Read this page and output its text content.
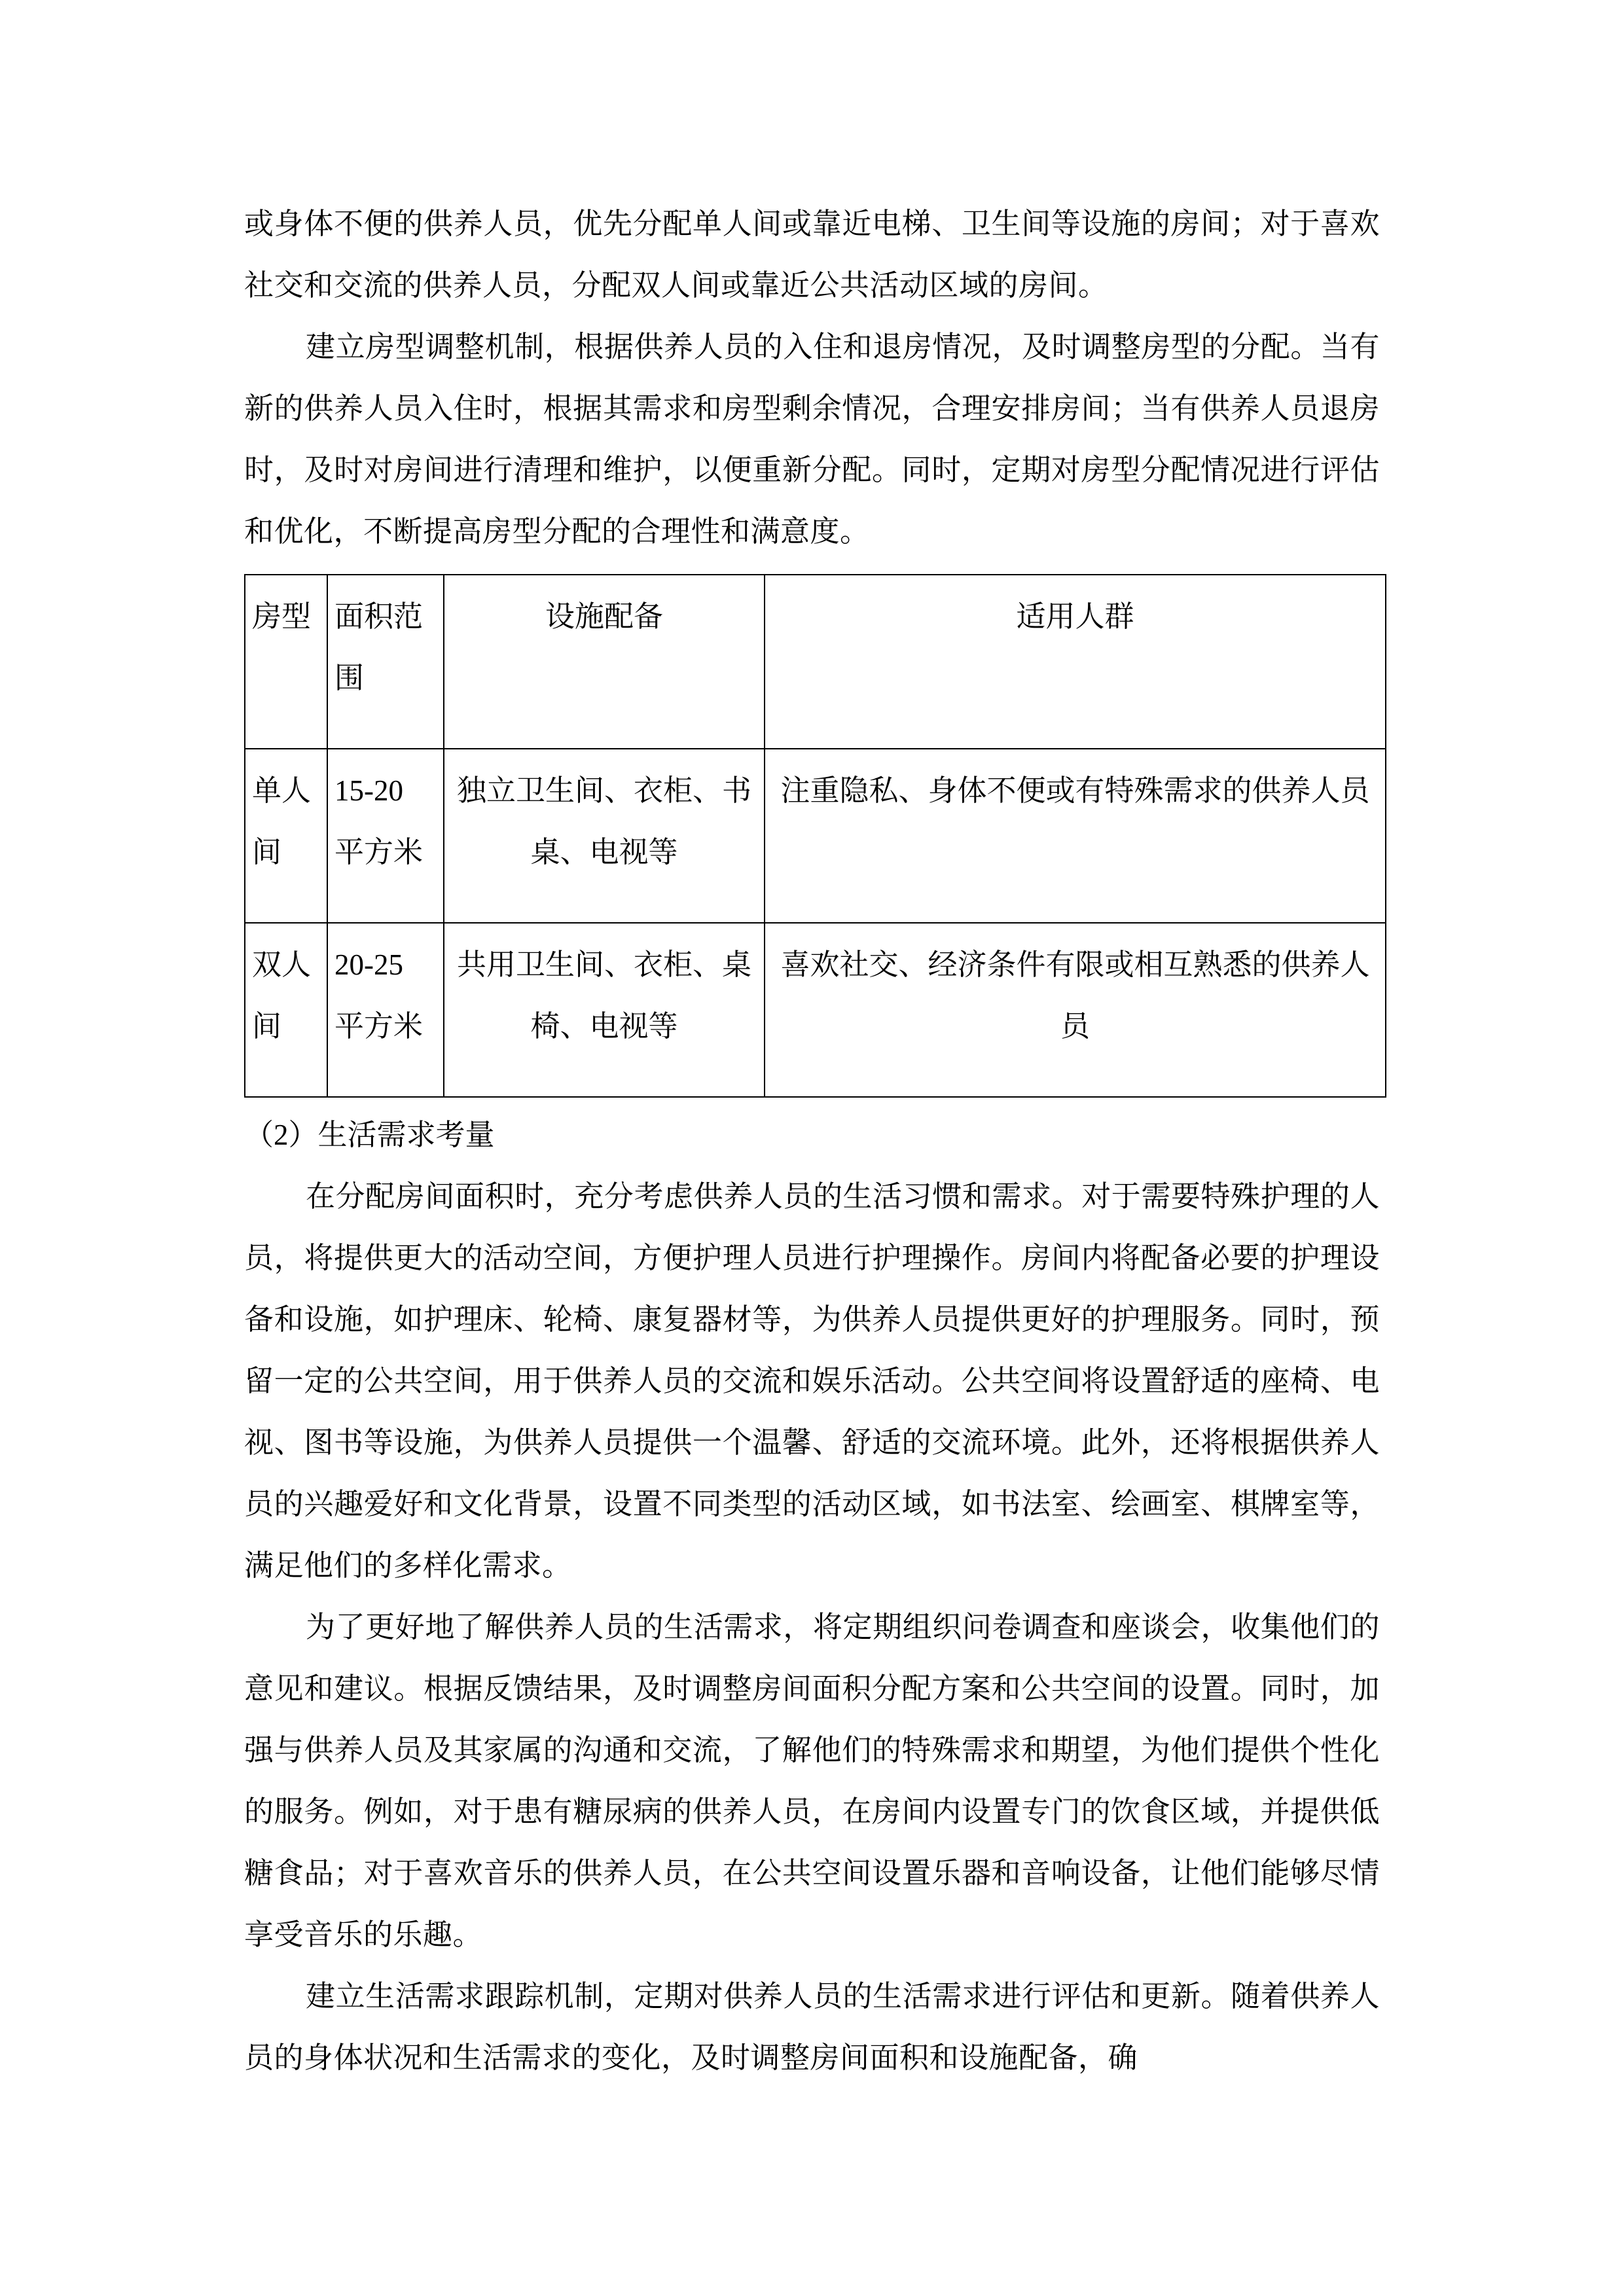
或身体不便的供养人员，优先分配单人间或靠近电梯、卫生间等设施的房间；对于喜欢社交和交流的供养人员，分配双人间或靠近公共活动区域的房间。

建立房型调整机制，根据供养人员的入住和退房情况，及时调整房型的分配。当有新的供养人员入住时，根据其需求和房型剩余情况，合理安排房间；当有供养人员退房时，及时对房间进行清理和维护，以便重新分配。同时，定期对房型分配情况进行评估和优化，不断提高房型分配的合理性和满意度。

房型	面积范围	设施配备	适用人群

单人间	15-20 平方米	独立卫生间、衣柜、书桌、电视等	注重隐私、身体不便或有特殊需求的供养人员

双人间	20-25 平方米	共用卫生间、衣柜、桌椅、电视等	喜欢社交、经济条件有限或相互熟悉的供养人员

（2）生活需求考量

在分配房间面积时，充分考虑供养人员的生活习惯和需求。对于需要特殊护理的人员，将提供更大的活动空间，方便护理人员进行护理操作。房间内将配备必要的护理设备和设施，如护理床、轮椅、康复器材等，为供养人员提供更好的护理服务。同时，预留一定的公共空间，用于供养人员的交流和娱乐活动。公共空间将设置舒适的座椅、电视、图书等设施，为供养人员提供一个温馨、舒适的交流环境。此外，还将根据供养人员的兴趣爱好和文化背景，设置不同类型的活动区域，如书法室、绘画室、棋牌室等，满足他们的多样化需求。

为了更好地了解供养人员的生活需求，将定期组织问卷调查和座谈会，收集他们的意见和建议。根据反馈结果，及时调整房间面积分配方案和公共空间的设置。同时，加强与供养人员及其家属的沟通和交流，了解他们的特殊需求和期望，为他们提供个性化的服务。例如，对于患有糖尿病的供养人员，在房间内设置专门的饮食区域，并提供低糖食品；对于喜欢音乐的供养人员，在公共空间设置乐器和音响设备，让他们能够尽情享受音乐的乐趣。

建立生活需求跟踪机制，定期对供养人员的生活需求进行评估和更新。随着供养人员的身体状况和生活需求的变化，及时调整房间面积和设施配备，确
